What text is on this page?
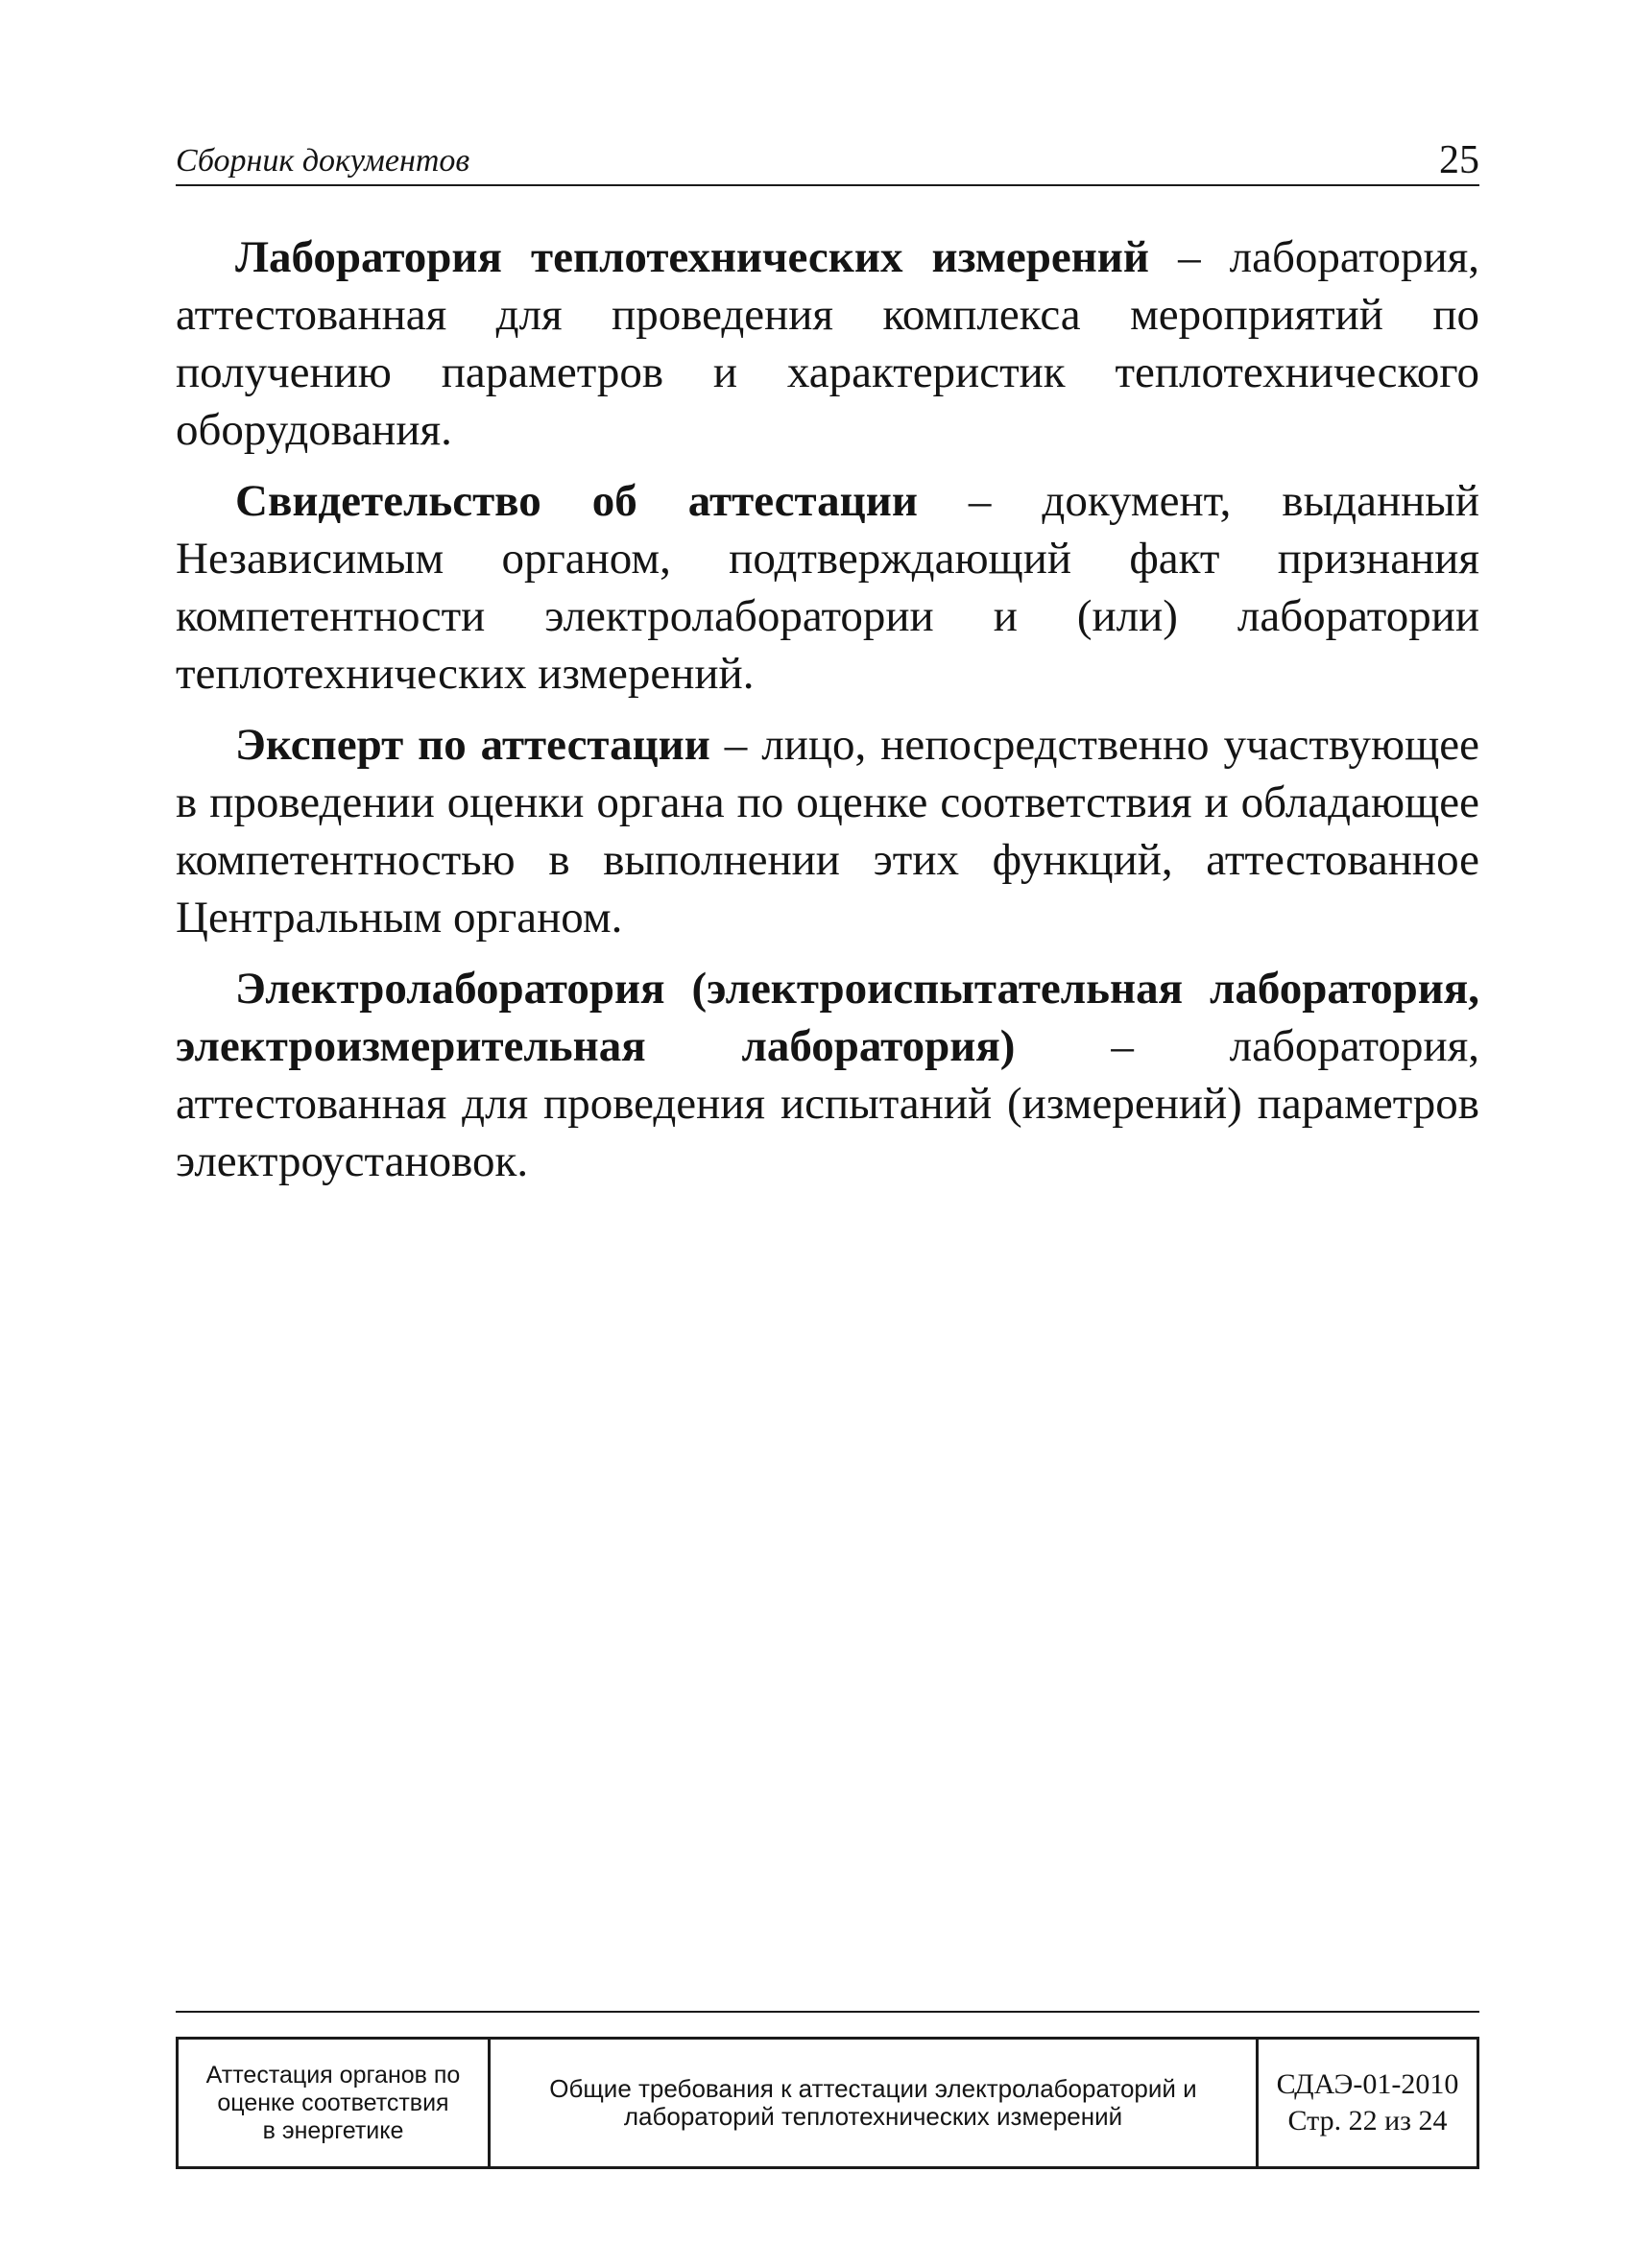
Сборник документов	25

Лаборатория теплотехнических измерений – лаборатория, аттестованная для проведения комплекса мероприятий по получению параметров и характеристик теплотехнического оборудования.

Свидетельство об аттестации – документ, выданный Независимым органом, подтверждающий факт признания компетентности электролаборатории и (или) лаборатории теплотехнических измерений.

Эксперт по аттестации – лицо, непосредственно участвующее в проведении оценки органа по оценке соответствия и обладающее компетентностью в выполнении этих функций, аттестованное Центральным органом.

Электролаборатория (электроиспытательная лаборатория, электроизмерительная лаборатория) – лаборатория, аттестованная для проведения испытаний (измерений) параметров электроустановок.

Аттестация органов по
оценке соответствия
в энергетике
Общие требования к аттестации электролабораторий и
лабораторий теплотехнических измерений
СДАЭ-01-2010
Стр. 22 из 24
